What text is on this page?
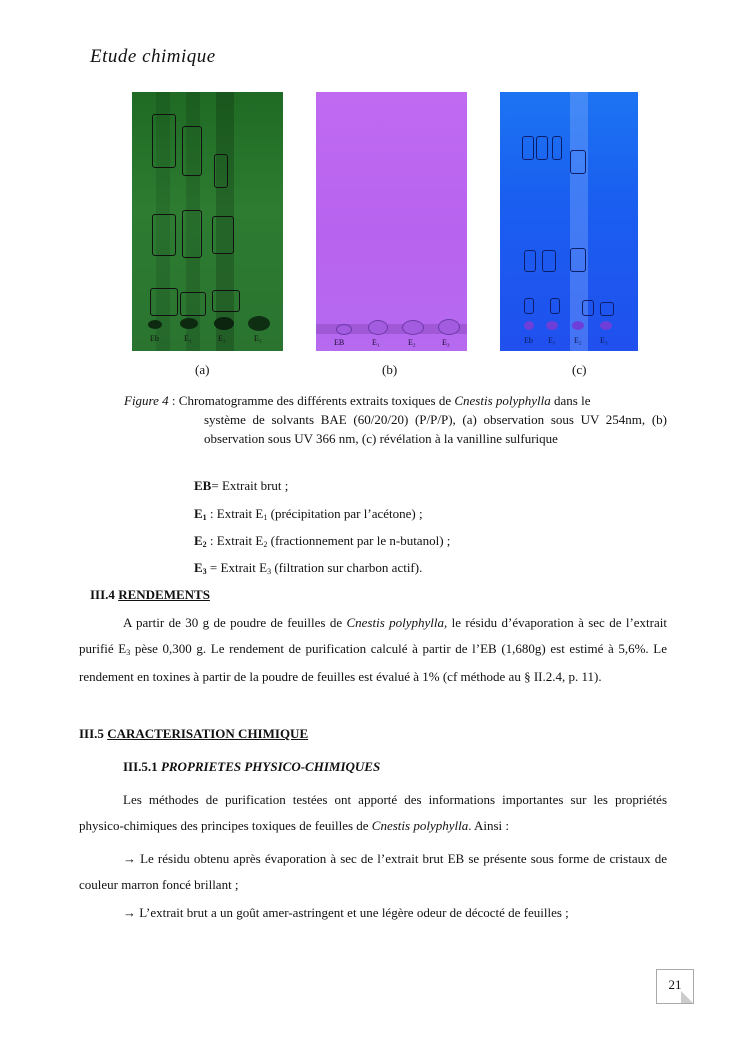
Etude chimique
Eb	E₁	E₂	E₃	EB	E₁	E₂	E₃	Eb E₁ E₂ E₃
(a)	(b)	(c)
Figure 4 : Chromatogramme des différents extraits toxiques de Cnestis polyphylla dans le
système de solvants BAE (60/20/20) (P/P/P), (a) observation sous UV 254nm, (b) observation sous UV 366 nm, (c) révélation à la vanilline sulfurique
EB= Extrait brut ;
$E_1$ : Extrait $E_1$ (précipitation par l’acétone) ;
$E_2$ : Extrait $E_2$ (fractionnement par le n-butanol) ;
$E_3$ = Extrait $E_3$ (filtration sur charbon actif).
III.4 RENDEMENTS
A partir de 30 g de poudre de feuilles de Cnestis polyphylla, le résidu d’évaporation à sec de l’extrait purifié $E_3$ pèse 0,300 g. Le rendement de purification calculé à partir de l’EB (1,680g) est estimé à 5,6%. Le rendement en toxines à partir de la poudre de feuilles est évalué à 1% (cf méthode au § II.2.4, p. 11).
III.5 CARACTERISATION CHIMIQUE
III.5.1 PROPRIETES PHYSICO-CHIMIQUES
Les méthodes de purification testées ont apporté des informations importantes sur les propriétés physico-chimiques des principes toxiques de feuilles de Cnestis polyphylla. Ainsi :
→ Le résidu obtenu après évaporation à sec de l’extrait brut EB se présente sous forme de cristaux de couleur marron foncé brillant ;
→ L’extrait brut a un goût amer-astringent et une légère odeur de décocté de feuilles ;
21
